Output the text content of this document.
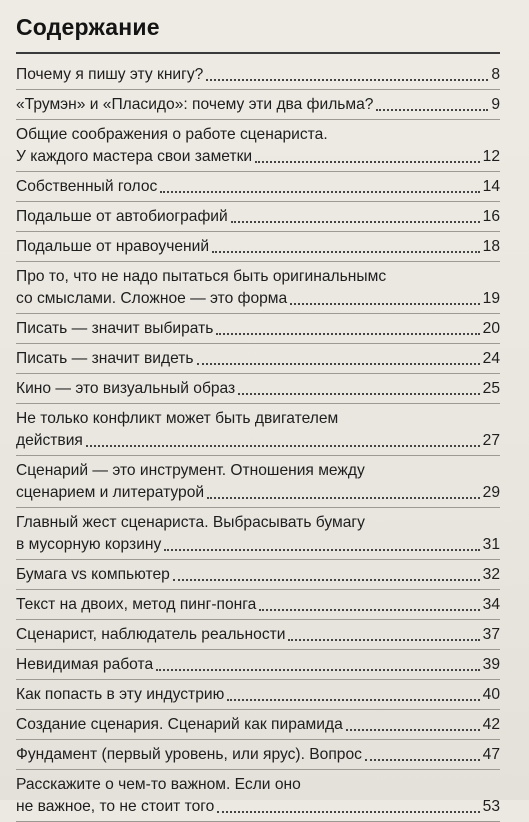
Содержание
Почему я пишу эту книгу?	8
«Трумэн» и «Пласидо»: почему эти два фильма?	9
Общие соображения о работе сценариста.
У каждого мастера свои заметки	12
Собственный голос	14
Подальше от автобиографий	16
Подальше от нравоучений	18
Про то, что не надо пытаться быть оригинальнымс
со смыслами. Сложное — это форма	19
Писать — значит выбирать	20
Писать — значит видеть	24
Кино — это визуальный образ	25
Не только конфликт может быть двигателем
действия	27
Сценарий — это инструмент. Отношения между
сценарием и литературой	29
Главный жест сценариста. Выбрасывать бумагу
в мусорную корзину	31
Бумага vs компьютер	32
Текст на двоих, метод пинг-понга	34
Сценарист, наблюдатель реальности	37
Невидимая работа	39
Как попасть в эту индустрию	40
Создание сценария. Сценарий как пирамида	42
Фундамент (первый уровень, или ярус). Вопрос	47
Расскажите о чем-то важном. Если оно
не важное, то не стоит того	53
